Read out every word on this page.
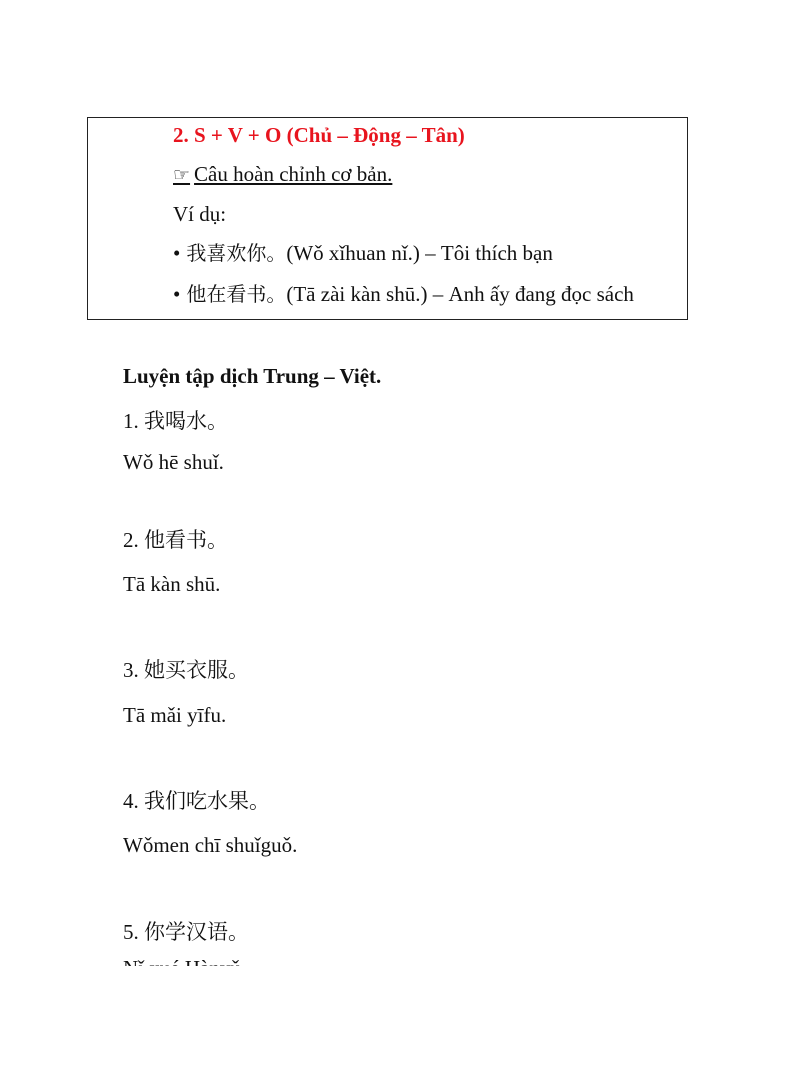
2. S + V + O (Chủ – Động – Tân)
☞ Câu hoàn chỉnh cơ bản.
Ví dụ:
• 我喜欢你。(Wǒ xǐhuan nǐ.) – Tôi thích bạn
• 他在看书。(Tā zài kàn shū.) – Anh ấy đang đọc sách
Luyện tập dịch Trung – Việt.
1. 我喝水。
Wǒ hē shuǐ.
2. 他看书。
Tā kàn shū.
3. 她买衣服。
Tā mǎi yīfu.
4. 我们吃水果。
Wǒmen chī shuǐguǒ.
5. 你学汉语。
